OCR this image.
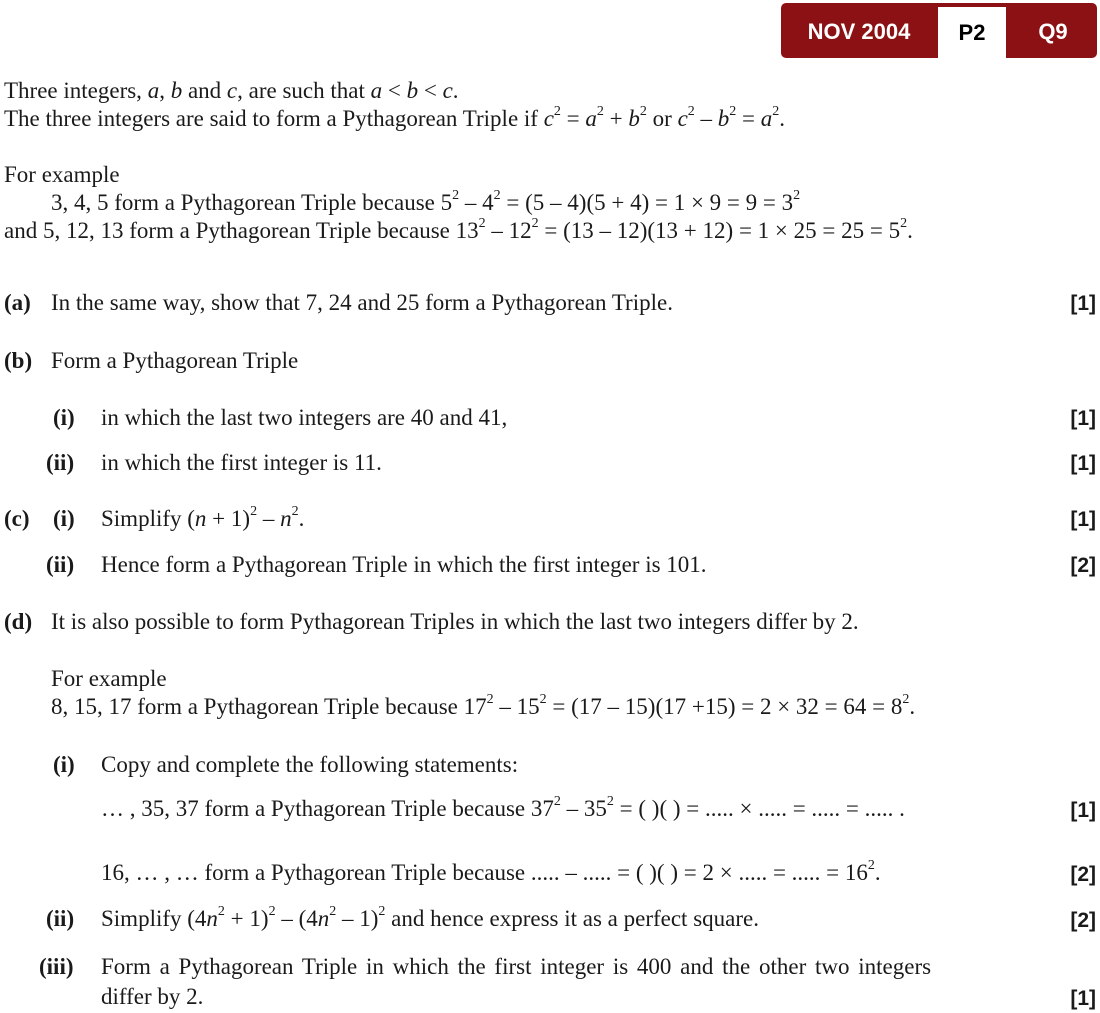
NOV 2004	P2	Q9
Three integers, a, b and c, are such that a < b < c.
The three integers are said to form a Pythagorean Triple if $c^2 = a^2 + b^2$ or $c^2 - b^2 = a^2$.
For example
3, 4, 5 form a Pythagorean Triple because $5^2 - 4^2 = (5 - 4)(5 + 4) = 1 \times 9 = 9 = 3^2$
and 5, 12, 13 form a Pythagorean Triple because $13^2 - 12^2 = (13 - 12)(13 + 12) = 1 \times 25 = 25 = 5^2$.
(a) In the same way, show that 7, 24 and 25 form a Pythagorean Triple.	[1]
(b) Form a Pythagorean Triple
(i) in which the last two integers are 40 and 41,	[1]
(ii) in which the first integer is 11.	[1]
(c) (i) Simplify $(n + 1)^2 - n^2$.	[1]
(ii) Hence form a Pythagorean Triple in which the first integer is 101.	[2]
(d) It is also possible to form Pythagorean Triples in which the last two integers differ by 2.
For example
8, 15, 17 form a Pythagorean Triple because $17^2 - 15^2 = (17 - 15)(17 +15) = 2 \times 32 = 64 = 8^2$.
(i) Copy and complete the following statements:
… , 35, 37 form a Pythagorean Triple because $37^2 - 35^2$ = ( )( ) = ..... × ..... = ..... = ..... .	[1]
16, … , … form a Pythagorean Triple because ..... – ..... = ( )( ) = 2 × ..... = ..... = $16^2$.	[2]
(ii) Simplify $(4n^2 + 1)^2 - (4n^2 - 1)^2$ and hence express it as a perfect square.	[2]
(iii) Form a Pythagorean Triple in which the first integer is 400 and the other two integers
differ by 2.	[1]
